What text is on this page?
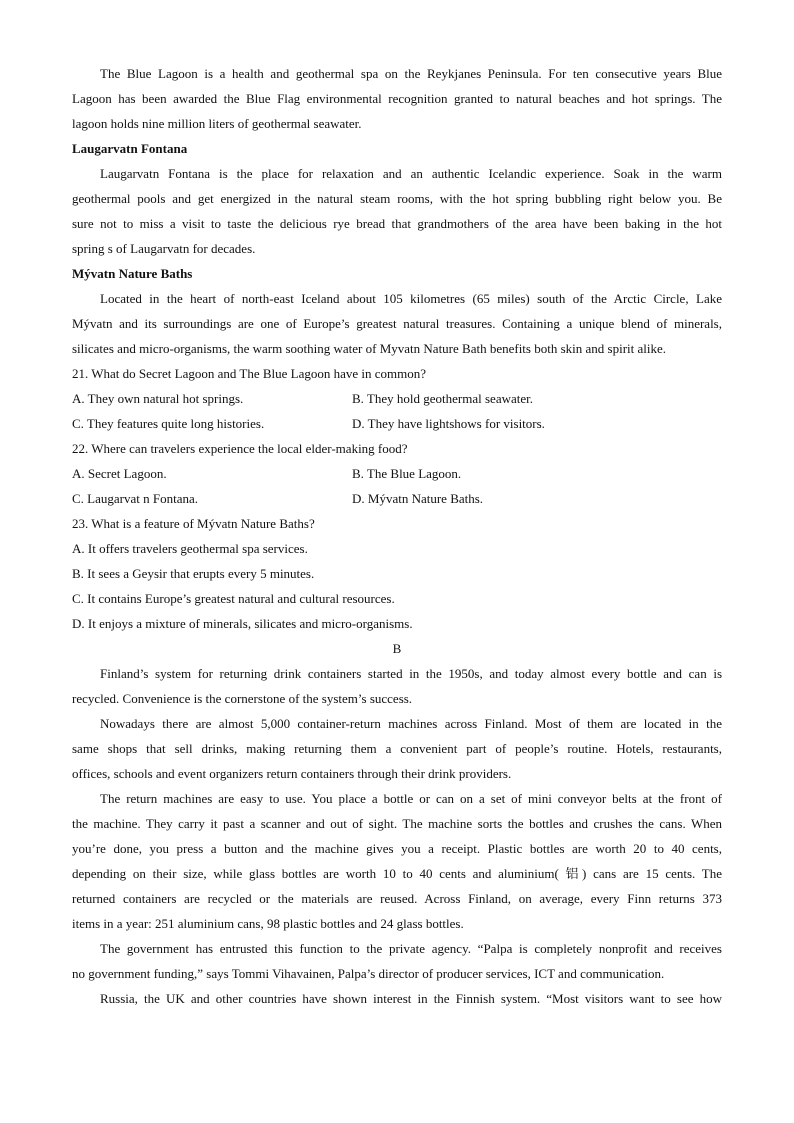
The Blue Lagoon is a health and geothermal spa on the Reykjanes Peninsula. For ten consecutive years Blue
Lagoon has been awarded the Blue Flag environmental recognition granted to natural beaches and hot springs. The
lagoon holds nine million liters of geothermal seawater.
Laugarvatn Fontana
Laugarvatn Fontana is the place for relaxation and an authentic Icelandic experience. Soak in the warm
geothermal pools and get energized in the natural steam rooms, with the hot spring bubbling right below you. Be
sure not to miss a visit to taste the delicious rye bread that grandmothers of the area have been baking in the hot
spring s of Laugarvatn for decades.
Mývatn Nature Baths
Located in the heart of north-east Iceland about 105 kilometres (65 miles) south of the Arctic Circle, Lake
Mývatn and its surroundings are one of Europe’s greatest natural treasures. Containing a unique blend of minerals,
silicates and micro-organisms, the warm soothing water of Myvatn Nature Bath benefits both skin and spirit alike.
21. What do Secret Lagoon and The Blue Lagoon have in common?
A. They own natural hot springs.	B. They hold geothermal seawater.
C. They features quite long histories.	D. They have lightshows for visitors.
22. Where can travelers experience the local elder-making food?
A. Secret Lagoon.	B. The Blue Lagoon.
C. Laugarvat n Fontana.	D. Mývatn Nature Baths.
23. What is a feature of Mývatn Nature Baths?
A. It offers travelers geothermal spa services.
B. It sees a Geysir that erupts every 5 minutes.
C. It contains Europe’s greatest natural and cultural resources.
D. It enjoys a mixture of minerals, silicates and micro-organisms.
B
Finland’s system for returning drink containers started in the 1950s, and today almost every bottle and can is
recycled. Convenience is the cornerstone of the system’s success.
Nowadays there are almost 5,000 container-return machines across Finland. Most of them are located in the
same shops that sell drinks, making returning them a convenient part of people’s routine. Hotels, restaurants,
offices, schools and event organizers return containers through their drink providers.
The return machines are easy to use. You place a bottle or can on a set of mini conveyor belts at the front of
the machine. They carry it past a scanner and out of sight. The machine sorts the bottles and crushes the cans. When
you’re done, you press a button and the machine gives you a receipt. Plastic bottles are worth 20 to 40 cents,
depending on their size, while glass bottles are worth 10 to 40 cents and aluminium( 铝) cans are 15 cents. The
returned containers are recycled or the materials are reused. Across Finland, on average, every Finn returns 373
items in a year: 251 aluminium cans, 98 plastic bottles and 24 glass bottles.
The government has entrusted this function to the private agency. “Palpa is completely nonprofit and receives
no government funding,” says Tommi Vihavainen, Palpa’s director of producer services, ICT and communication.
Russia, the UK and other countries have shown interest in the Finnish system. “Most visitors want to see how
